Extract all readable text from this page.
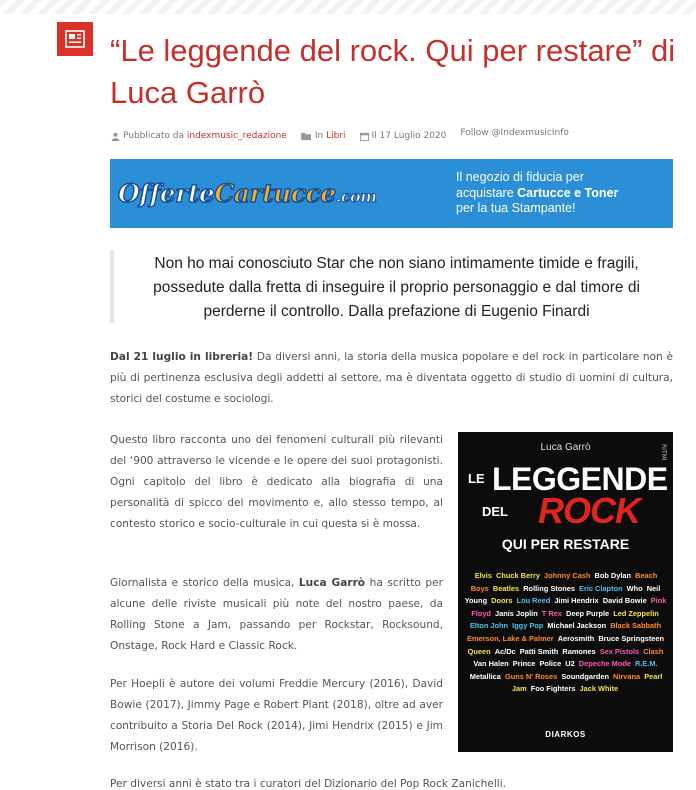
“Le leggende del rock. Qui per restare” di Luca Garrò
Pubblicato da
indexmusic_redazione	In
Libri	Il 17 Luglio 2020 Follow @IndexmusicInfo
OfferteCartucce.com
Il negozio di fiducia per
acquistare Cartucce e Toner
per la tua Stampante!

Non ho mai conosciuto Star che non siano intimamente timide e fragili, possedute dalla fretta di inseguire il proprio personaggio e dal timore di perderne il controllo. Dalla prefazione di Eugenio Finardi

Dal 21 luglio in libreria! Da diversi anni, la storia della musica popolare e del rock in particolare non è più di pertinenza esclusiva degli addetti al settore, ma è diventata oggetto di studio di uomini di cultura, storici del costume e sociologi.

Questo libro racconta uno dei fenomeni culturali più rilevanti del ‘900 attraverso le vicende e le opere dei suoi protagonisti. Ogni capitolo del libro è dedicato alla biografia di una personalità di spicco del movimento e, allo stesso tempo, al contesto storico e socio-culturale in cui questa si è mossa.

Giornalista e storico della musica, Luca Garrò ha scritto per alcune delle riviste musicali più note del nostro paese, da Rolling Stone a Jam, passando per Rockstar, Rocksound, Onstage, Rock Hard e Classic Rock.

Per Hoepli è autore dei volumi Freddie Mercury (2016), David Bowie (2017), Jimmy Page e Robert Plant (2018), oltre ad aver contribuito a Storia Del Rock (2014), Jimi Hendrix (2015) e Jim Morrison (2016).

Per diversi anni è stato tra i curatori del Dizionario del Pop Rock Zanichelli.

Luca Garrò	RITMI
LE LEGGENDE
DEL ROCK
QUI PER RESTARE
Elvis Chuck Berry Johnny Cash Bob Dylan Beach Boys Beatles Rolling Stones Eric Clapton Who Neil Young Doors Lou Reed Jimi Hendrix David Bowie Pink Floyd Janis Joplin T Rex Deep Purple Led Zeppelin Elton John Iggy Pop Michael Jackson Black Sabbath Emerson, Lake & Palmer Aerosmith Bruce Springsteen Queen Ac/Dc Patti Smith Ramones Sex Pistols Clash Van Halen Prince Police U2 Depeche Mode R.E.M. Metallica Guns N' Roses Soundgarden Nirvana Pearl Jam Foo Fighters Jack White
DIARKOS
